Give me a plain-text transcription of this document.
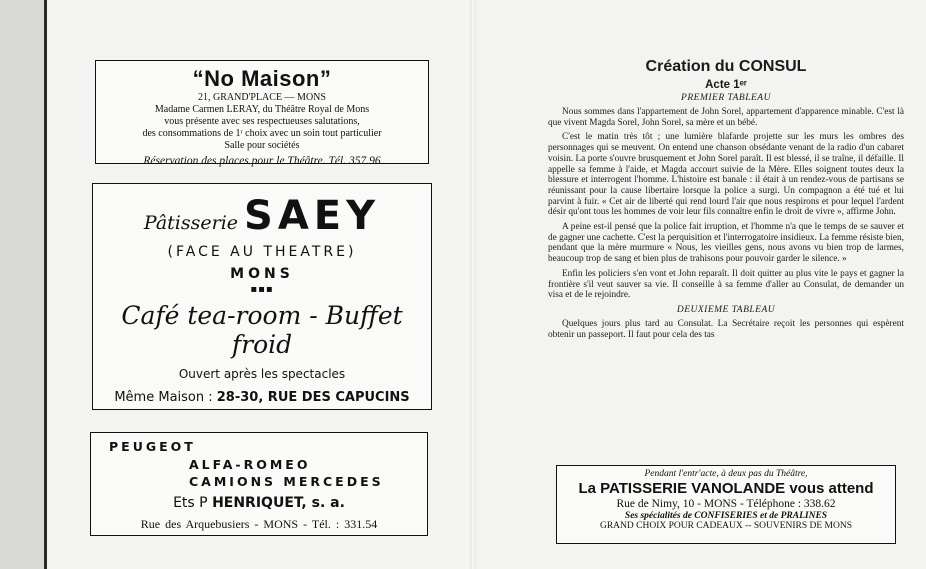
“No Maison”
21, GRAND'PLACE — MONS
Madame Carmen LERAY, du Théâtre Royal de Mons
vous présente avec ses respectueuses salutations,
des consommations de 1ʳ choix avec un soin tout particulier
Salle pour sociétés
Réservation des places pour le Théâtre. Tél. 357.96
Pâtisserie SAEY
(FACE AU THEATRE)
MONS
▪▪▪
Café tea-room - Buffet froid
Ouvert après les spectacles
Même Maison : 28-30, RUE DES CAPUCINS
PEUGEOT
ALFA-ROMEO
CAMIONS MERCEDES
Ets P HENRIQUET, s. a.
Rue des Arquebusiers - MONS - Tél. : 331.54
Création du CONSUL
Acte 1ᵉʳ
PREMIER TABLEAU

Nous sommes dans l'appartement de John Sorel, appartement d'apparence minable. C'est là que vivent Magda Sorel, John Sorel, sa mère et un bébé.

C'est le matin très tôt ; une lumière blafarde projette sur les murs les ombres des personnages qui se meuvent. On entend une chanson obsédante venant de la radio d'un cabaret voisin. La porte s'ouvre brusquement et John Sorel paraît. Il est blessé, il se traîne, il défaille. Il appelle sa femme à l'aide, et Magda accourt suivie de la Mère. Elles soignent toutes deux la blessure et interrogent l'homme. L'histoire est banale : il était à un rendez-vous de partisans se réunissant pour la cause libertaire lorsque la police a surgi. Un compagnon a été tué et lui parvint à fuir. « Cet air de liberté qui rend lourd l'air que nous respirons et pour lequel l'ardent désir qu'ont tous les hommes de voir leur fils connaître enfin le droit de vivre », affirme John.

A peine est-il pensé que la police fait irruption, et l'homme n'a que le temps de se sauver et de gagner une cachette. C'est la perquisition et l'interrogatoire insidieux. La femme résiste bien, pendant que la mère murmure « Nous, les vieilles gens, nous avons vu bien trop de larmes, beaucoup trop de sang et bien plus de trahisons pour pouvoir garder le silence. »

Enfin les policiers s'en vont et John reparaît. Il doit quitter au plus vite le pays et gagner la frontière s'il veut sauver sa vie. Il conseille à sa femme d'aller au Consulat, de demander un visa et de le rejoindre.

DEUXIEME TABLEAU

Quelques jours plus tard au Consulat. La Secrétaire reçoit les personnes qui espèrent obtenir un passeport. Il faut pour cela des tas

Pendant l'entr'acte, à deux pas du Théâtre,
La PATISSERIE VANOLANDE vous attend
Rue de Nimy, 10 - MONS - Téléphone : 338.62
Ses spécialités de CONFISERIES et de PRALINES
GRAND CHOIX POUR CADEAUX -- SOUVENIRS DE MONS
